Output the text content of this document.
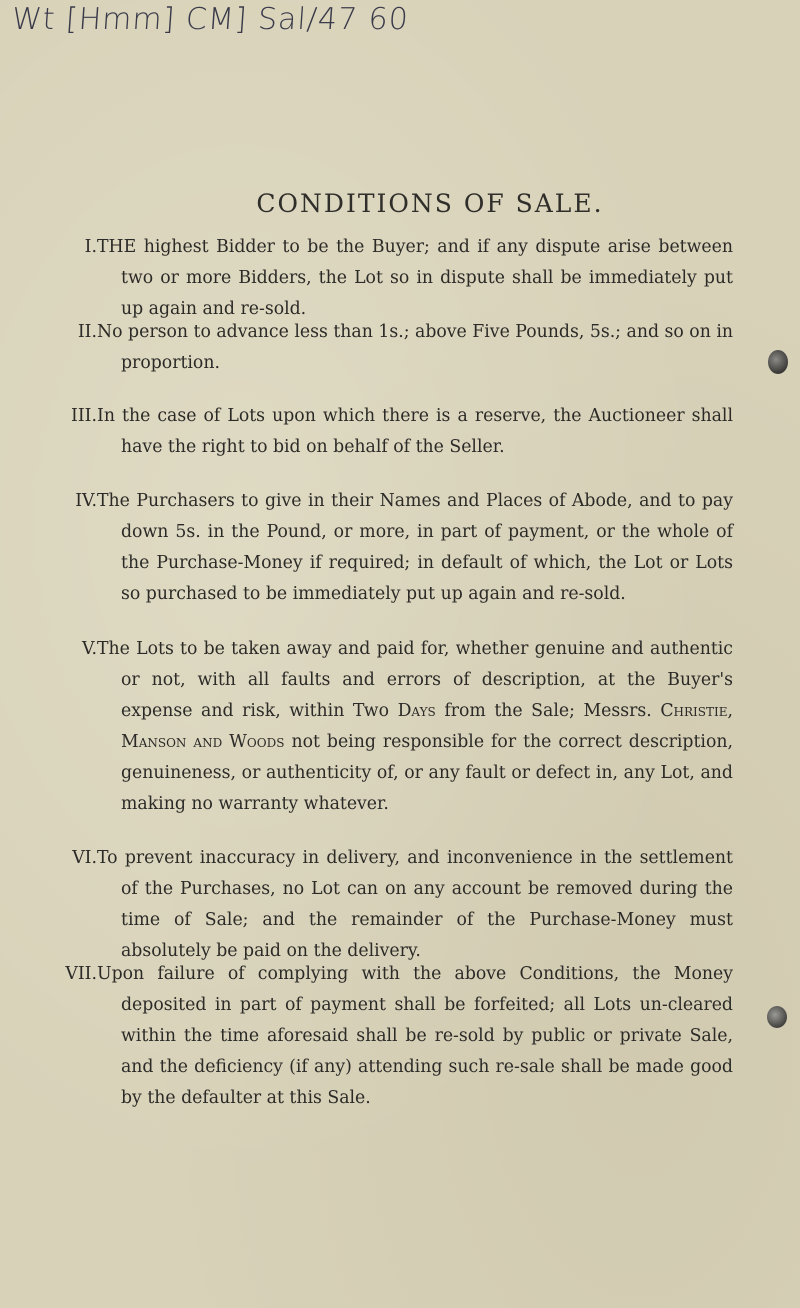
Wt [Hmm] CM] Sal/47 60
CONDITIONS OF SALE.
I. THE highest Bidder to be the Buyer; and if any dispute arise between two or more Bidders, the Lot so in dispute shall be immediately put up again and re-sold.
II. No person to advance less than 1s.; above Five Pounds, 5s.; and so on in proportion.
III. In the case of Lots upon which there is a reserve, the Auctioneer shall have the right to bid on behalf of the Seller.
IV. The Purchasers to give in their Names and Places of Abode, and to pay down 5s. in the Pound, or more, in part of payment, or the whole of the Purchase-Money if required; in default of which, the Lot or Lots so purchased to be immediately put up again and re-sold.
V. The Lots to be taken away and paid for, whether genuine and authentic or not, with all faults and errors of description, at the Buyer's expense and risk, within Two Days from the Sale; Messrs. Christie, Manson and Woods not being responsible for the correct description, genuineness, or authenticity of, or any fault or defect in, any Lot, and making no warranty whatever.
VI. To prevent inaccuracy in delivery, and inconvenience in the settlement of the Purchases, no Lot can on any account be removed during the time of Sale; and the remainder of the Purchase-Money must absolutely be paid on the delivery.
VII. Upon failure of complying with the above Conditions, the Money deposited in part of payment shall be forfeited; all Lots un-cleared within the time aforesaid shall be re-sold by public or private Sale, and the deficiency (if any) attending such re-sale shall be made good by the defaulter at this Sale.
